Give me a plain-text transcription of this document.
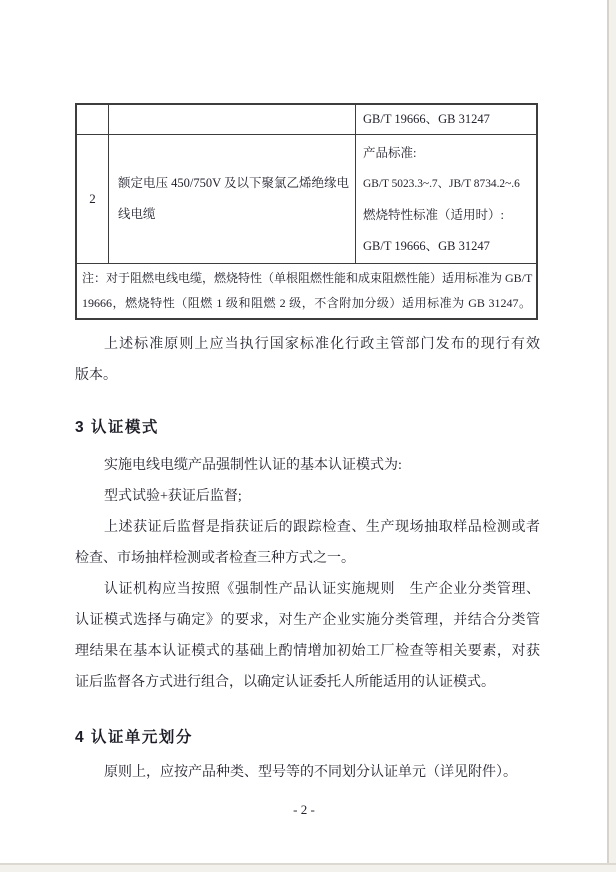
GB/T 19666、GB 31247
2
额定电压 450/750V 及以下聚氯乙烯绝缘电
线电缆
产品标准:
GB/T 5023.3~.7、JB/T 8734.2~.6
燃烧特性标准（适用时）:
GB/T 19666、GB 31247
注：对于阻燃电线电缆，燃烧特性（单根阻燃性能和成束阻燃性能）适用标准为 GB/T
19666，燃烧特性（阻燃 1 级和阻燃 2 级，不含附加分级）适用标准为 GB 31247。
上述标准原则上应当执行国家标准化行政主管部门发布的现行有效
版本。
3 认证模式
实施电线电缆产品强制性认证的基本认证模式为:
型式试验+获证后监督;
上述获证后监督是指获证后的跟踪检查、生产现场抽取样品检测或者
检查、市场抽样检测或者检查三种方式之一。
认证机构应当按照《强制性产品认证实施规则　生产企业分类管理、
认证模式选择与确定》的要求，对生产企业实施分类管理，并结合分类管
理结果在基本认证模式的基础上酌情增加初始工厂检查等相关要素，对获
证后监督各方式进行组合，以确定认证委托人所能适用的认证模式。
4 认证单元划分
原则上，应按产品种类、型号等的不同划分认证单元（详见附件）。
- 2 -
